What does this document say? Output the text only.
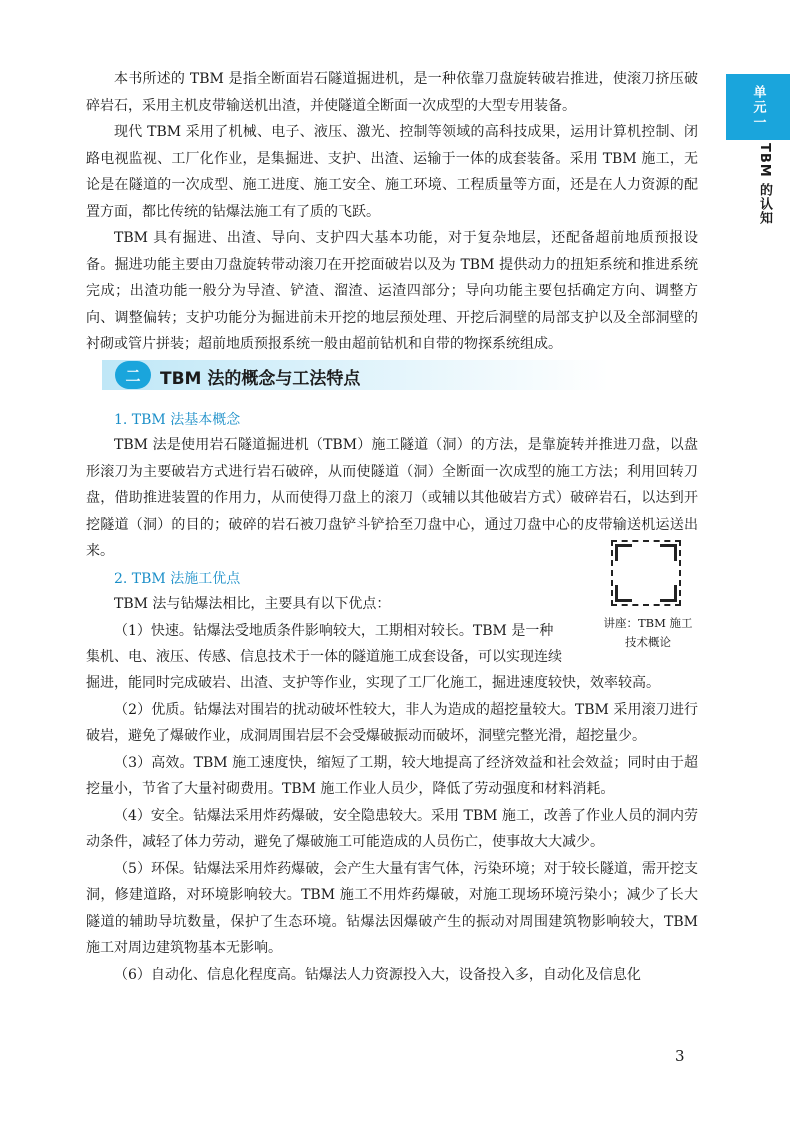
单元一
TBM 的认知

本书所述的 TBM 是指全断面岩石隧道掘进机，是一种依靠刀盘旋转破岩推进，使滚刀挤压破碎岩石，采用主机皮带输送机出渣，并使隧道全断面一次成型的大型专用装备。

现代 TBM 采用了机械、电子、液压、激光、控制等领域的高科技成果，运用计算机控制、闭路电视监视、工厂化作业，是集掘进、支护、出渣、运输于一体的成套装备。采用 TBM 施工，无论是在隧道的一次成型、施工进度、施工安全、施工环境、工程质量等方面，还是在人力资源的配置方面，都比传统的钻爆法施工有了质的飞跃。

TBM 具有掘进、出渣、导向、支护四大基本功能，对于复杂地层，还配备超前地质预报设备。掘进功能主要由刀盘旋转带动滚刀在开挖面破岩以及为 TBM 提供动力的扭矩系统和推进系统完成；出渣功能一般分为导渣、铲渣、溜渣、运渣四部分；导向功能主要包括确定方向、调整方向、调整偏转；支护功能分为掘进前未开挖的地层预处理、开挖后洞壁的局部支护以及全部洞壁的衬砌或管片拼装；超前地质预报系统一般由超前钻机和自带的物探系统组成。

二	TBM 法的概念与工法特点
1. TBM 法基本概念

TBM 法是使用岩石隧道掘进机（TBM）施工隧道（洞）的方法，是靠旋转并推进刀盘，以盘形滚刀为主要破岩方式进行岩石破碎，从而使隧道（洞）全断面一次成型的施工方法；利用回转刀盘，借助推进装置的作用力，从而使得刀盘上的滚刀（或辅以其他破岩方式）破碎岩石，以达到开挖隧道（洞）的目的；破碎的岩石被刀盘铲斗铲拾至刀盘中心，通过刀盘中心的皮带输送机运送出来。

2. TBM 法施工优点

TBM 法与钻爆法相比，主要具有以下优点：

（1）快速。钻爆法受地质条件影响较大，工期相对较长。TBM 是一种

集机、电、液压、传感、信息技术于一体的隧道施工成套设备，可以实现连续

讲座：TBM 施工
技术概论

掘进，能同时完成破岩、出渣、支护等作业，实现了工厂化施工，掘进速度较快，效率较高。

（2）优质。钻爆法对围岩的扰动破坏性较大，非人为造成的超挖量较大。TBM 采用滚刀进行破岩，避免了爆破作业，成洞周围岩层不会受爆破振动而破坏，洞壁完整光滑，超挖量少。

（3）高效。TBM 施工速度快，缩短了工期，较大地提高了经济效益和社会效益；同时由于超挖量小，节省了大量衬砌费用。TBM 施工作业人员少，降低了劳动强度和材料消耗。

（4）安全。钻爆法采用炸药爆破，安全隐患较大。采用 TBM 施工，改善了作业人员的洞内劳动条件，减轻了体力劳动，避免了爆破施工可能造成的人员伤亡，使事故大大减少。

（5）环保。钻爆法采用炸药爆破，会产生大量有害气体，污染环境；对于较长隧道，需开挖支洞，修建道路，对环境影响较大。TBM 施工不用炸药爆破，对施工现场环境污染小；减少了长大隧道的辅助导坑数量，保护了生态环境。钻爆法因爆破产生的振动对周围建筑物影响较大，TBM 施工对周边建筑物基本无影响。

（6）自动化、信息化程度高。钻爆法人力资源投入大，设备投入多，自动化及信息化

3
